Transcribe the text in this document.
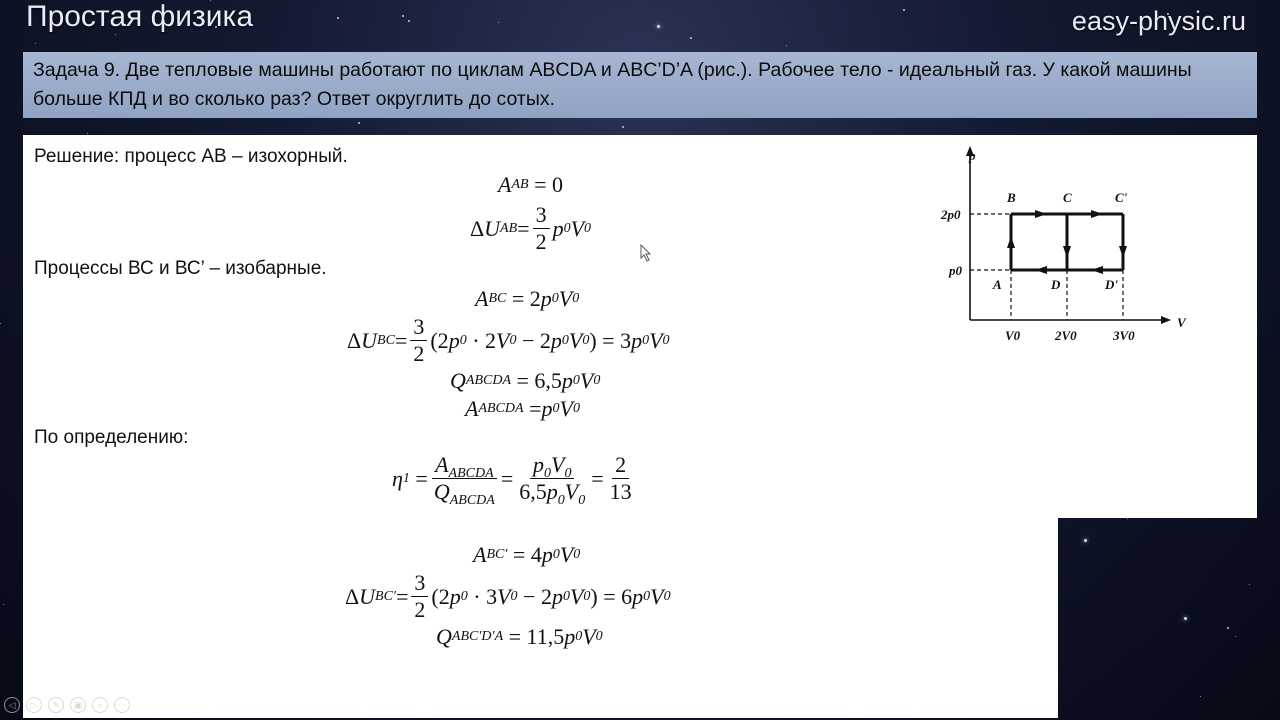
Простая физика	easy-physic.ru
Задача 9. Две тепловые машины работают по циклам ABCDA и ABC’D’A (рис.). Рабочее тело - идеальный газ. У какой машины больше КПД и во сколько раз? Ответ округлить до сотых.
Решение: процесс АВ – изохорный.
A AB = 0
Δ U AB = $\frac{3}{2}$ p 0 V 0
Процессы ВС и ВС’ – изобарные.
A BC = 2 p 0 V 0
Δ U BC = $\frac{3}{2} (2$ p 0 · 2 V 0 − 2 p 0 V 0 ) = 3 p 0 V 0
Q ABCDA = 6,5 p 0 V 0
A ABCDA = p 0 V 0
По определению:
η $1 = \frac{A_{ABCDA}}{Q_{ABCDA}} = \frac{p_0V_0}{6,5p_0V_0} = \frac{2}{13}$
A BC′ = 4 p 0 V 0
Δ U $BC' = \frac{3}{2} (2$ p 0 · 3 V 0 − 2 p 0 V 0 ) = 6 p 0 V 0
Q ABC′D′A = 11,5 p 0 V 0
p
V
B	C	C'
A	D	D'
2p0
p0
V0	2V0	3V0
◁	▷	✎	▣	⌕	⋯
